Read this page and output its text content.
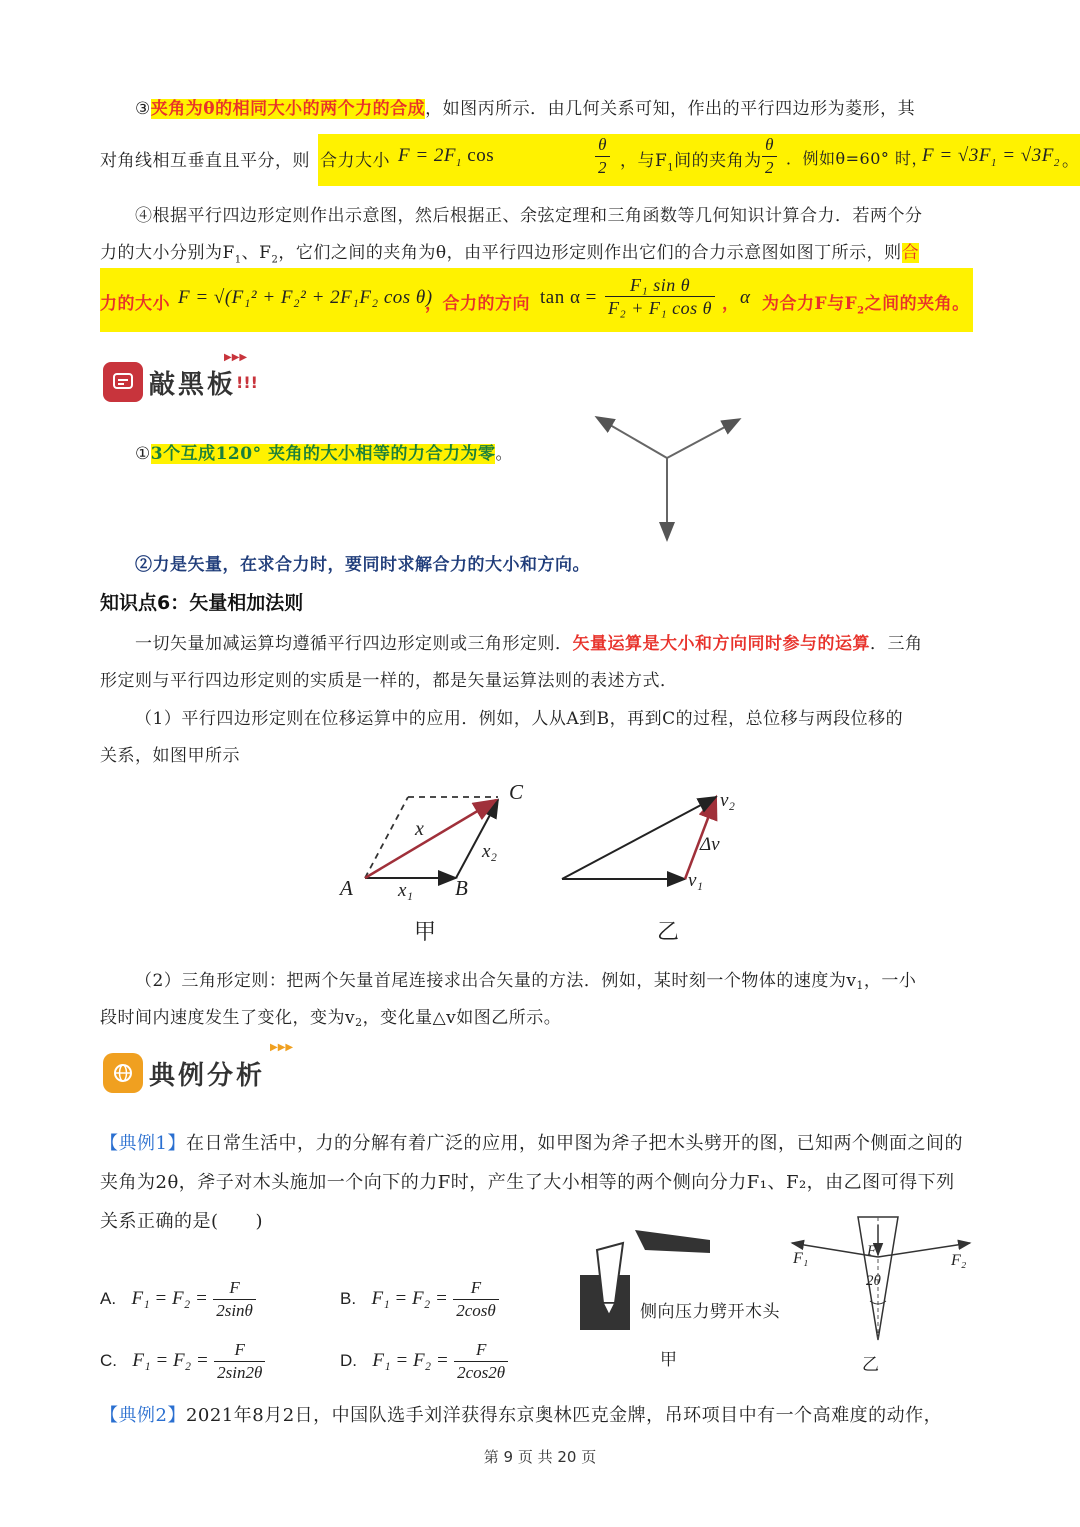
③夹角为θ的相同大小的两个力的合成，如图丙所示．由几何关系可知，作出的平行四边形为菱形，其
对角线相互垂直且平分，则 合力大小 $F = 2F_1$ cos	$\frac{\theta}{2}$ ，与$F_1$间的夹角为 $\frac{\theta}{2}$ ．例如θ=60° 时，
$F = √3F_1 = √3F_2$ 。
④根据平行四边形定则作出示意图，然后根据正、余弦定理和三角函数等几何知识计算合力．若两个分
力的大小分别为$F_1$、$F_2$，它们之间的夹角为θ，由平行四边形定则作出它们的合力示意图如图丁所示，则合
力的大小 F = √(F₁² + F₂² + 2F₁F₂ cos θ)
，合力的方向 $\tan \alpha = \frac{\text{F₁ sin θ}}{\text{F₂ + F₁ cos θ}}$ ， α 为合力F与$F_2$之间的夹角。
敲黑板 !!!
▶▶▶
①3个互成120° 夹角的大小相等的力合力为零。
②力是矢量，在求合力时，要同时求解合力的大小和方向。
知识点6：矢量相加法则
一切矢量加减运算均遵循平行四边形定则或三角形定则．矢量运算是大小和方向同时参与的运算．三角
形定则与平行四边形定则的实质是一样的，都是矢量运算法则的表述方式．
（1）平行四边形定则在位移运算中的应用．例如，人从A到B，再到C的过程，总位移与两段位移的
关系，如图甲所示
A	B
C
x
x₁
x₂
v₂
v₁
Δv
甲	乙
（2）三角形定则：把两个矢量首尾连接求出合矢量的方法．例如，某时刻一个物体的速度为$v_1$，一小
段时间内速度发生了变化，变为$v_2$，变化量△v如图乙所示。
典例分析
▶▶▶
【典例1】在日常生活中，力的分解有着广泛的应用，如甲图为斧子把木头劈开的图，已知两个侧面之间的
夹角为2θ，斧子对木头施加一个向下的力F时，产生了大小相等的两个侧向分力F₁、F₂，由乙图可得下列
关系正确的是(　　)
A. $F_1 = F_2 = \frac{F}{2\sin\theta}$	B. $F_1 = F_2 = \frac{F}{2\cos\theta}$
C. $F_1 = F_2 = \frac{F}{2\sin 2\theta}$	D. $F_1 = F_2 = \frac{F}{2\cos 2\theta}$
侧向压力劈开木头
甲
F₁	F₂
F
2θ
乙
【典例2】2021年8月2日，中国队选手刘洋获得东京奥林匹克金牌，吊环项目中有一个高难度的动作，
第 9 页 共 20 页
